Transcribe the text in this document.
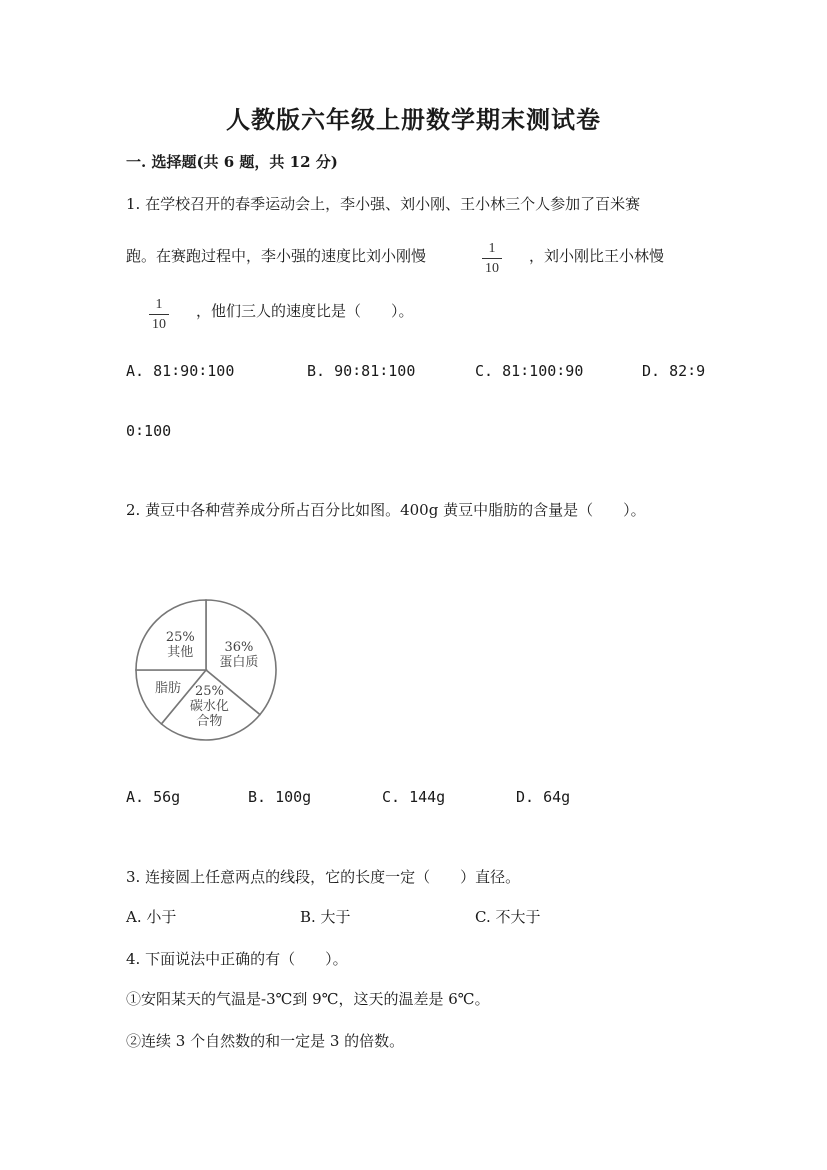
人教版六年级上册数学期末测试卷
一. 选择题(共 6 题，共 12 分)
1. 在学校召开的春季运动会上，李小强、刘小刚、王小林三个人参加了百米赛
跑。在赛跑过程中，李小强的速度比刘小刚慢	1
10
，刘小刚比王小林慢
1
10
，他们三人的速度比是（　　）。
A. 81∶90∶100	B. 90∶81∶100	C. 81∶100∶90	D. 82∶9
0∶100
2. 黄豆中各种营养成分所占百分比如图。400g 黄豆中脂肪的含量是（　　）。
36%
蛋白质
25%
碳水化
合物
脂肪
25%
其他
A. 56g	B. 100g	C. 144g	D. 64g
3. 连接圆上任意两点的线段，它的长度一定（　　）直径。
A. 小于	B. 大于	C. 不大于
4. 下面说法中正确的有（　　）。
①安阳某天的气温是-3℃到 9℃，这天的温差是 6℃。
②连续 3 个自然数的和一定是 3 的倍数。
